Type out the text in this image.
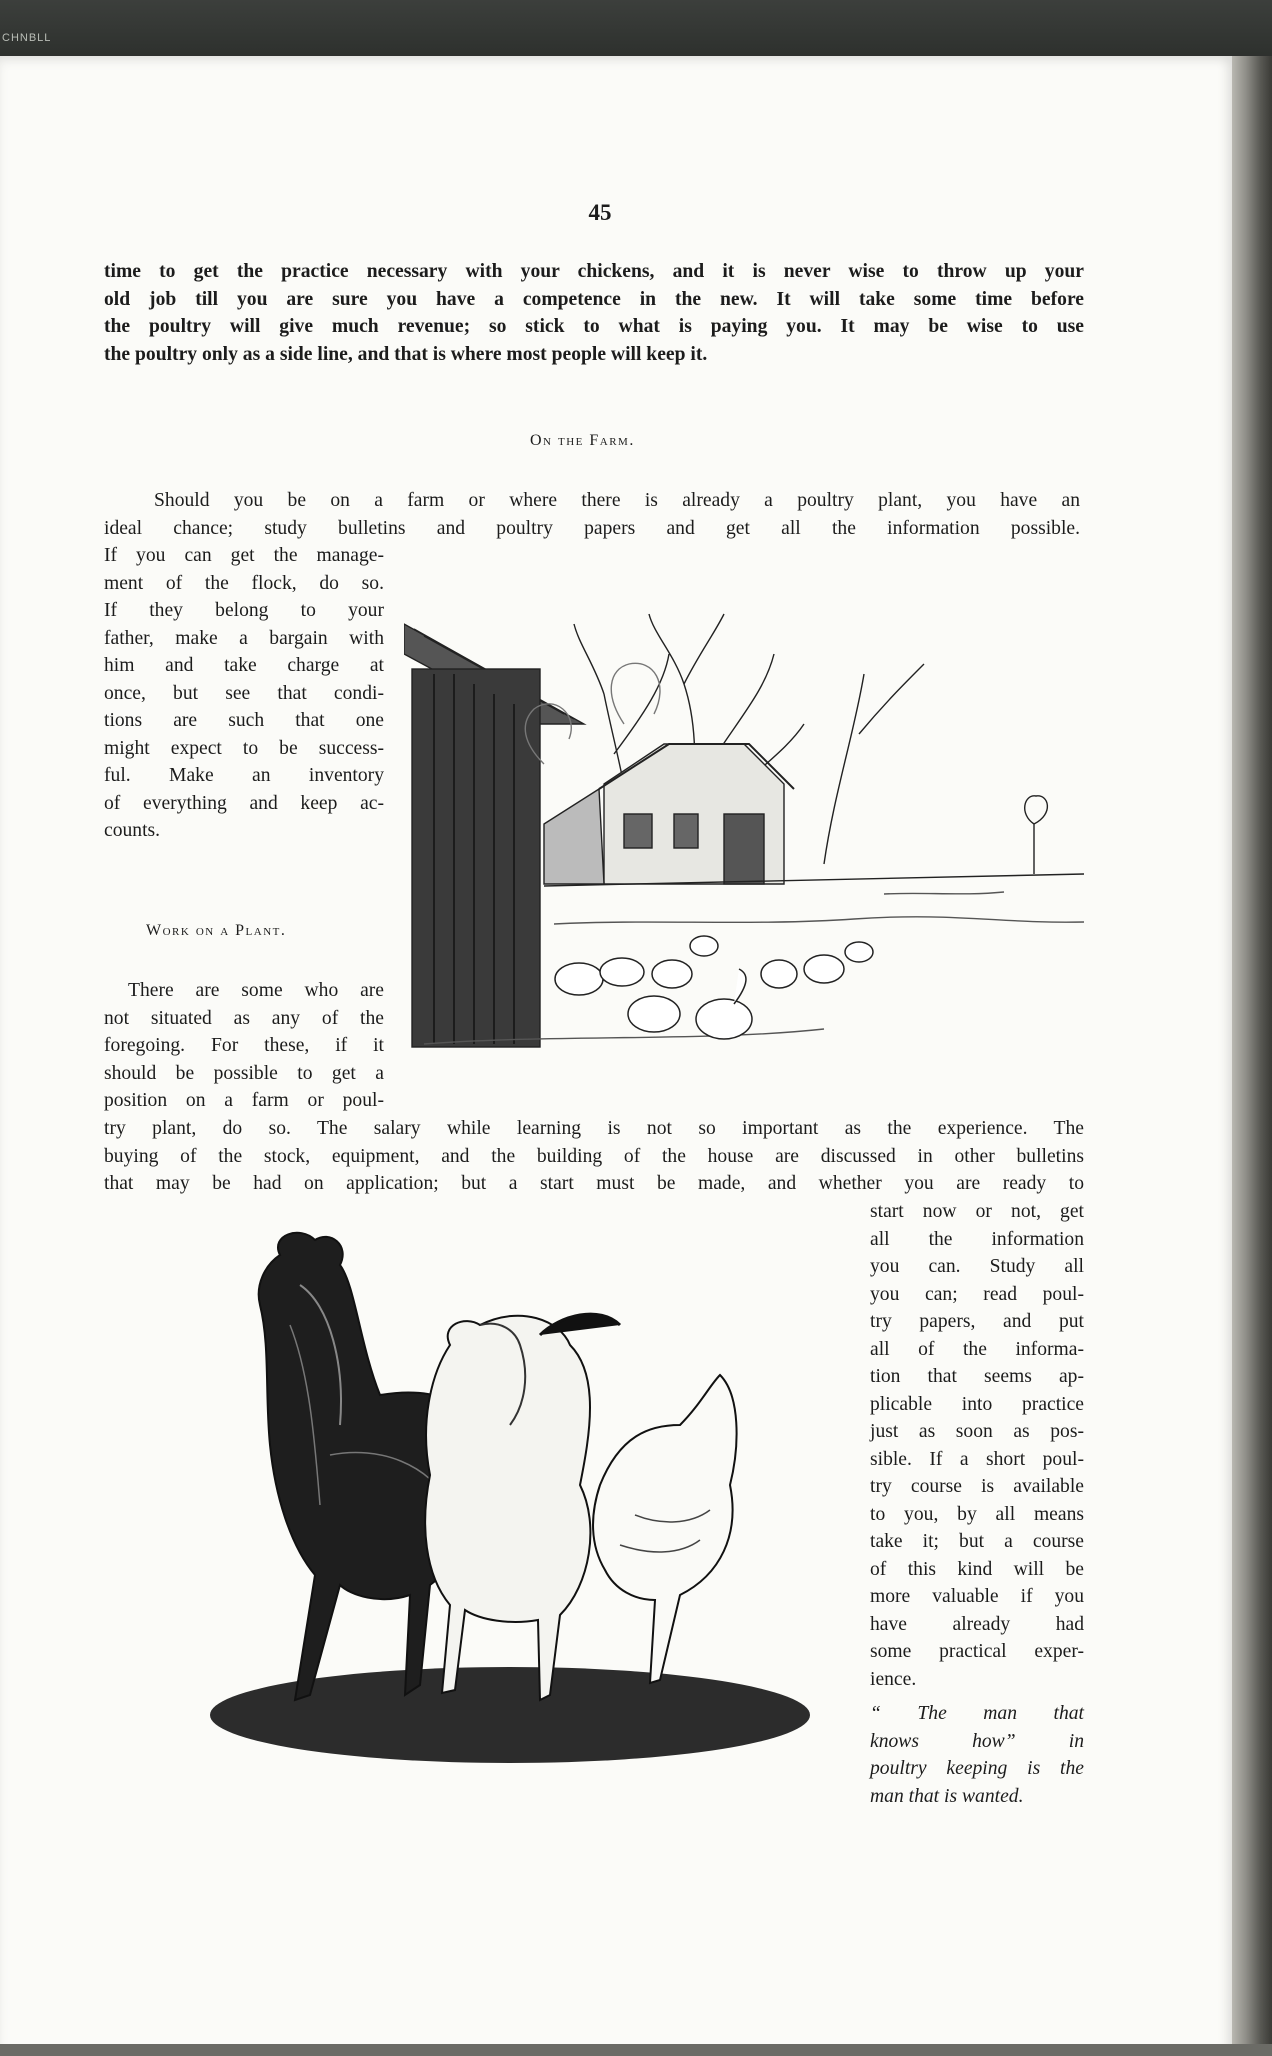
CHNBLL
45
time to get the practice necessary with your chickens, and it is never wise to throw up your
old job till you are sure you have a competence in the new. It will take some time before
the poultry will give much revenue; so stick to what is paying you. It may be wise to use
the poultry only as a side line, and that is where most people will keep it.
On the Farm.
Should you be on a farm or where there is already a poultry plant, you have an
ideal chance; study bulletins and poultry papers and get all the information possible.
If you can get the manage-
ment of the flock, do so.
If they belong to your
father, make a bargain with
him and take charge at
once, but see that condi-
tions are such that one
might expect to be success-
ful. Make an inventory
of everything and keep ac-
counts.
Work on a Plant.
There are some who are
not situated as any of the
foregoing. For these, if it
should be possible to get a
position on a farm or poul-
try plant, do so. The salary while learning is not so important as the experience. The
buying of the stock, equipment, and the building of the house are discussed in other bulletins
that may be had on application; but a start must be made, and whether you are ready to
start now or not, get
all the information
you can. Study all
you can; read poul-
try papers, and put
all of the informa-
tion that seems ap-
plicable into practice
just as soon as pos-
sible. If a short poul-
try course is available
to you, by all means
take it; but a course
of this kind will be
more valuable if you
have already had
some practical exper-
ience.
“ The man that
knows how” in
poultry keeping is the
man that is wanted.
